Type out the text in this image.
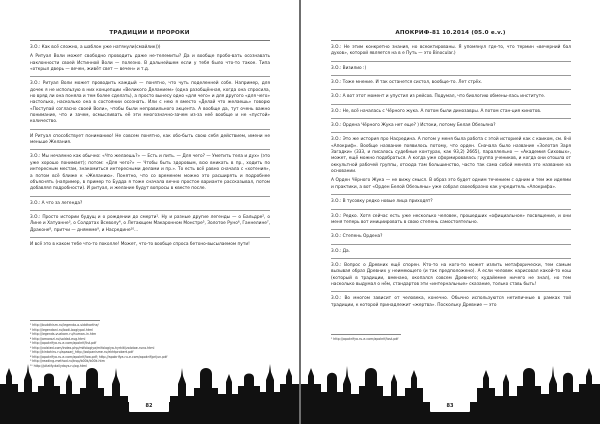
ТРАДИЦИИ И ПРОРОКИ

3.О.: Как всё сложно, а шаблон уже натянули(смайлик)))

А Ритуал Воли может свободно проводить даже не-телемиты? Да и вообще пробо-вать осознавать наклонности своей Истинной Воли — полезно. В дальнейшем если у тебя было что-то такое. Типа «открыл дверь — вечен, живёт свет — вечен» и т.д.

3.О.: Ритуал Воли может проводить каждый — понятно, что чуть поделенней собе. Например, для дочек я не использую в них концепции «Великого Деланием» (одна разобщённая, когда она спросила, но вряд ли она поняла и тем более сделать), а просто вынесу одно «для чего» и для другого «для чего» настолько, насколько она в состоянии осознать. Или с нею я вместо «Делай что желаешь» говорю «Поступай согласно своей Воли», чтобы были неправильного акцента. А вообще да, тут очень важно понимание, что и зачем, осмысливать её эти многозначно-зачем из-за неё вообще и не «пустой» количество.

И Ритуал способствует пониманию! Не совсем понятно, как обо-быть свою себя действием, имени не меньше Желания.

3.О.: Мы нечаянно как обычно: «Что желаешь?» — Есть и пить. — Для чего? — Уметить тела и дух» (это уже хорошо понимает); потом: «Для чего?» — Чтобы быть здоровым, всю вникать в пр., ходить по интересным местам, знакомиться интересными делами и пр.». То есть всё равно сначала с «хотения», а потом всё ближе к «Желанию». Понятно, что со временем можно это расширять и подробнее объяснять (например, в пример то Будда я тоже сначала вечно простое варианте рассказывал, потом добавлял подробности). И ритуал, и желание будут вопросы в квесте после.

3.О.: А что за легенда?

3.О.: Просто истории будущ и о рождении до смерти¹. Ну и разные другие легенды — о Бальдре², о Лине и Хатуанне³, о Солдатах Всеволу⁴, о Летающем Макаронном Монстре⁵, Золотое Руно⁶, Ганнелине⁷, Драконе⁸, притчи — днямеме⁹, и Насредине¹⁰...

И всё это в каком тебе что-то поколле! Может, что-то вообще спроса бетоно-высылаемом пути!

¹ http://buddhism.ru/legenda-o-siddharthe/
² http://legendani.ru/bodi-bogiypal.html
³ http://legends-vuzkarn.ru/human-in.htm
⁴ http://amorozi.ru/soldat-eug.html
⁵ http://apokrifya.ru-e.com/apokrif/list.pdf
⁶ http://volsted.com/index.php/mifologiya/mifologiya-hyrkiti/zolotoe-runo.html
⁷ http://kintahiru.ru/apasarj_http://zolpanisme.ru/ekhtprobert.pdf
⁸ http://apokrifya.ru-e.com/apokrif/low.pdf; http://apokrifya.ru-e.com/apokrif/prijun.pdf
⁹ http://reading-method.ru/trop/b00k/b00k.htm
¹⁰ http://pitatfy.dailydays.ru/og.html
82
АПОКРИФ-81 10.2014 (05.0 e.v.)

3.О.: Не этим конкретно знания, но всеоктированы. Я упомянул где-то, что термин «вечерний бал духов», которой является на в е Путь — это Binocular.)

3.О.: Визилио :)

3.О.: Тоже мнение. И так останется систол, вообще-то. Лет стрёх.

3.О.: А вот этот момент и упустил из рейсов. Подумал, что биологию обмены-лась институте.

3.О.: Не, всё началась с Чёрного жука. А потом были динозавры. А потом стан-ция кинотов.

3.О.: Ордена Чёрного Жука нет еще? ) Истоки, потому Белая Обезьяна?

3.О.: Это же история про Насредина. А потом у меня была работа с этой историей как с каиком, см. 8-й «Апокриф». Вообще название появилось потому, что орден. Сначала было название «Золотая Заря Загадки» (333, и писалось судебные контурах, как 93,2) 2665), параллельно — «Академия Сиховых», может, ещё можно подобраться. А когда уже сформировалась группа учеников, и когда они отошла от оккультной рабочей группы, отсюда там большинство, часто так сама собой меняла это название на основании.

А Орден Чёрного Жука — не вижу смысл. В образ это будет одним течением с одним и тем же идеями и практики, а вот «Орден Белой Обезьяны» уже собрал своеобразно как учредитель «Апокрифа».

3.О.: В тусовку редко новые лица приходят?

3.О.: Редко. Хотя сейчас есть уже несколько человек, прошедших «официальное» посвящение, и они меня теперь вот инициировать в свою степень самостоятельно.

3.О.: Степень Ордена?

3.О.: Да.

3.О.: Вопрос о Древних ещё спорен. Кто-то на кого-то может излить метафорически, тем самым вызывая образ Древних у неимеющего (и так предположено). А если человек нарисовал какой-то кош (который в традиции, вменано, окопался совсем Древнего; кудайемне ничего не знал), но тем насколько выдумал о нём, стандартов эти «интернальные» сказание, только ставь быть!

3.О.: Во многом зависит от человека, конечно. Обычно используются нетипичные в рамках той традиции, к которой принадлежит «жертва». Поскольку Древние — это

¹ http://apokrifya.ru-e.com/apokrif/lost.pdf
83
